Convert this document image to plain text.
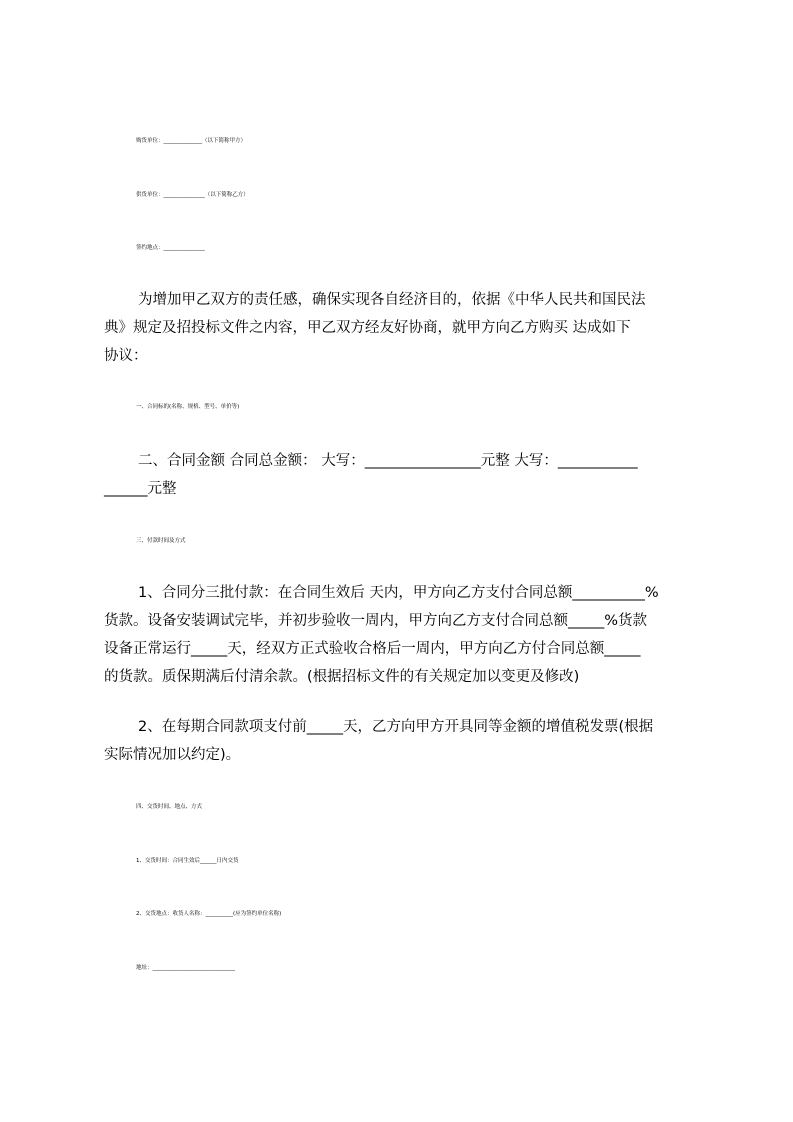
购货单位：______________（以下简称甲方）
供货单位：_______________（以下简称乙方）
签约地点：_______________
为增加甲乙双方的责任感，确保实现各自经济目的，依据《中华人民共和国民法
典》规定及招投标文件之内容，甲乙双方经友好协商，就甲方向乙方购买 达成如下
协议：
一、合同标的(名称、规格、型号、单价等)
二、合同金额 合同总金额： 大写：________________元整 大写：___________
______元整
三、付款时间及方式
1、合同分三批付款：在合同生效后 天内，甲方向乙方支付合同总额__________%
货款。设备安装调试完毕，并初步验收一周内，甲方向乙方支付合同总额_____%货款
设备正常运行_____天，经双方正式验收合格后一周内，甲方向乙方付合同总额_____
的货款。质保期满后付清余款。(根据招标文件的有关规定加以变更及修改)
2、在每期合同款项支付前_____天，乙方向甲方开具同等金额的增值税发票(根据
实际情况加以约定)。
四、交货时间、地点、方式
1、交货时间：合同生效后______日内交货
2、交货地点：收货人名称：__________(应为签约单位名称)
地址：______________________________
